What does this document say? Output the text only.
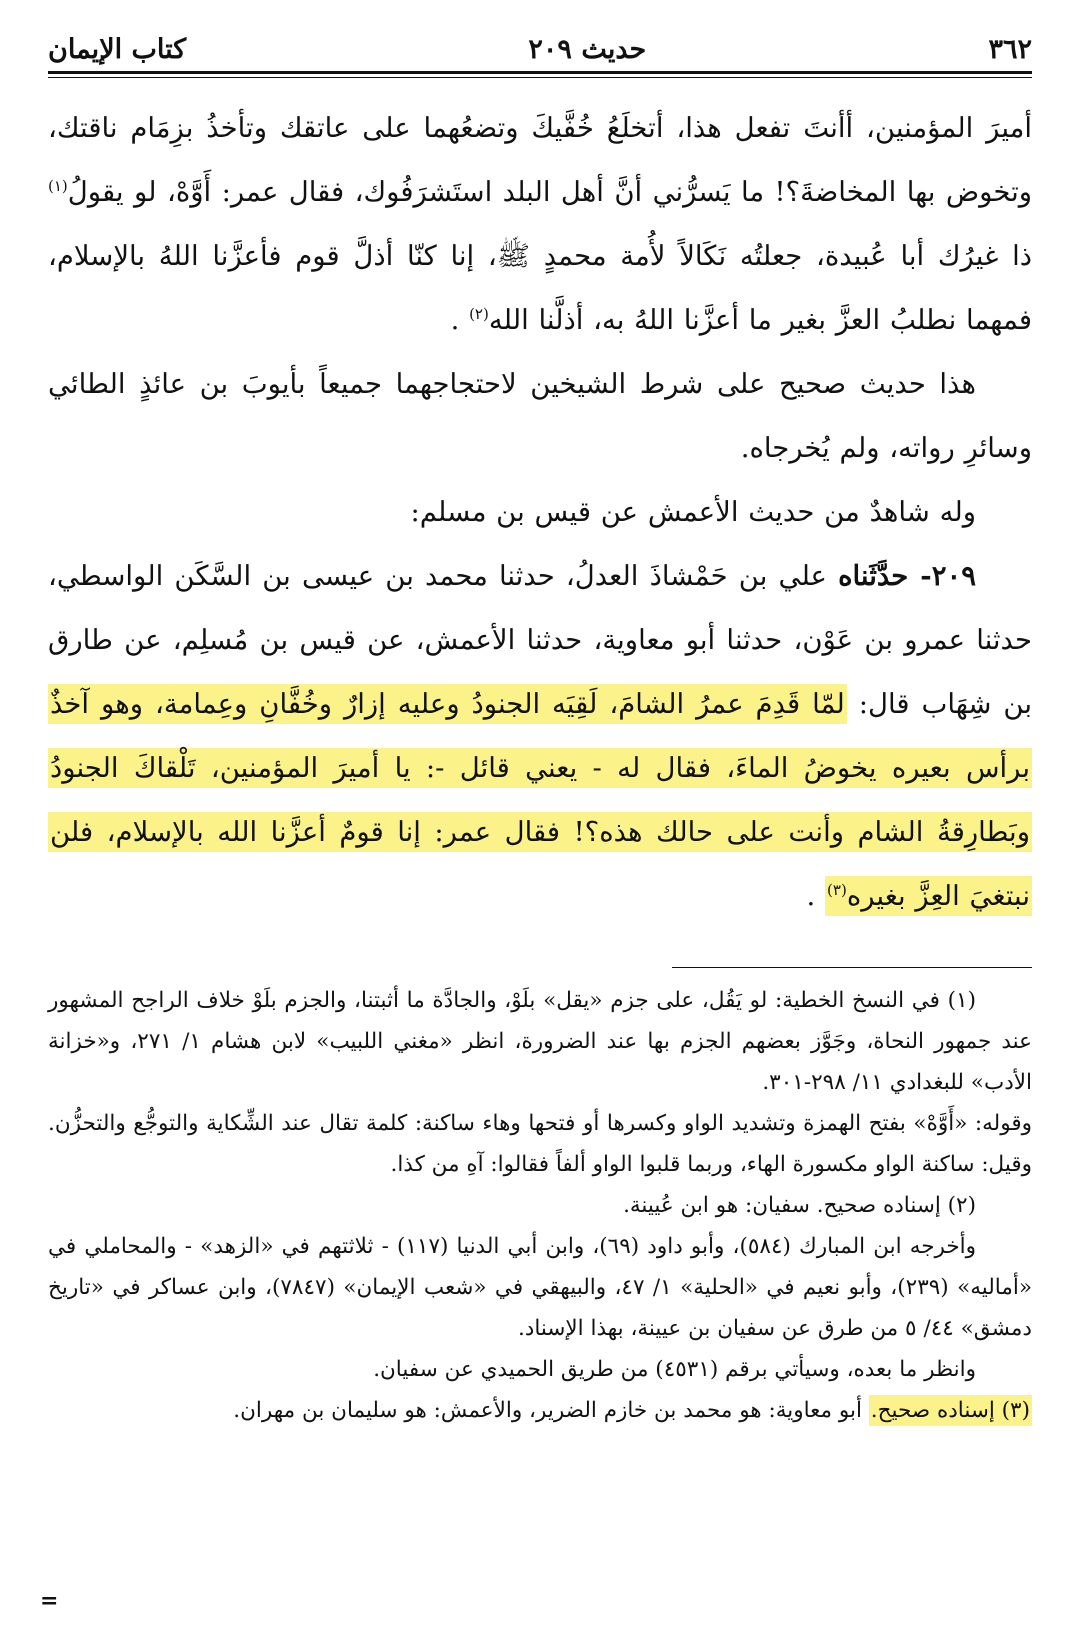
٣٦٢
حديث ٢٠٩
كتاب الإيمان

أميرَ المؤمنين، أأنتَ تفعل هذا، أتخلَعُ خُفَّيكَ وتضعُهما على عاتقك وتأخذُ بزِمَام ناقتك، وتخوض بها المخاضةَ؟! ما يَسرُّني أنَّ أهل البلد استَشرَفُوك، فقال عمر: أَوَّهْ، لو يقولُ$^{(١)}$ ذا غيرُك أبا عُبيدة، جعلتُه نَكَالاً لأُمة محمدٍ ﷺ، إنا كنّا أذلَّ قوم فأعزَّنا اللهُ بالإسلام، فمهما نطلبُ العزَّ بغير ما أعزَّنا اللهُ به، أذلَّنا الله$^{(٢)}$ .

هذا حديث صحيح على شرط الشيخين لاحتجاجهما جميعاً بأيوبَ بن عائذٍ الطائي وسائرِ رواته، ولم يُخرجاه.

وله شاهدٌ من حديث الأعمش عن قيس بن مسلم:

٢٠٩- حدَّثَناه علي بن حَمْشاذَ العدلُ، حدثنا محمد بن عيسى بن السَّكَن الواسطي، حدثنا عمرو بن عَوْن، حدثنا أبو معاوية، حدثنا الأعمش، عن قيس بن مُسلِم، عن طارق بن شِهَاب قال: لمّا قَدِمَ عمرُ الشامَ، لَقِيَه الجنودُ وعليه إزارٌ وخُفَّانِ وعِمامة، وهو آخذٌ برأس بعيره يخوضُ الماءَ، فقال له - يعني قائل -: يا أميرَ المؤمنين، تَلْقاكَ الجنودُ وبَطارِقةُ الشام وأنت على حالك هذه؟! فقال عمر: إنا قومٌ أعزَّنا الله بالإسلام، فلن نبتغيَ العِزَّ بغيره$^{(٣)}$ .

(١) في النسخ الخطية: لو يَقُل، على جزم «يقل» بلَوْ، والجادَّة ما أثبتنا، والجزم بلَوْ خلاف الراجح المشهور عند جمهور النحاة، وجَوَّز بعضهم الجزم بها عند الضرورة، انظر «مغني اللبيب» لابن هشام ١/ ٢٧١، و«خزانة الأدب» للبغدادي ١١/ ٢٩٨-٣٠١.

وقوله: «أَوَّهْ» بفتح الهمزة وتشديد الواو وكسرها أو فتحها وهاء ساكنة: كلمة تقال عند الشِّكاية والتوجُّع والتحزُّن. وقيل: ساكنة الواو مكسورة الهاء، وربما قلبوا الواو ألفاً فقالوا: آهِ من كذا.

(٢) إسناده صحيح. سفيان: هو ابن عُيينة.

وأخرجه ابن المبارك (٥٨٤)، وأبو داود (٦٩)، وابن أبي الدنيا (١١٧) - ثلاثتهم في «الزهد» - والمحاملي في «أماليه» (٢٣٩)، وأبو نعيم في «الحلية» ١/ ٤٧، والبيهقي في «شعب الإيمان» (٧٨٤٧)، وابن عساكر في «تاريخ دمشق» ٤٤/ ٥ من طرق عن سفيان بن عيينة، بهذا الإسناد.

وانظر ما بعده، وسيأتي برقم (٤٥٣١) من طريق الحميدي عن سفيان.

(٣) إسناده صحيح. أبو معاوية: هو محمد بن خازم الضرير، والأعمش: هو سليمان بن مهران.

=
